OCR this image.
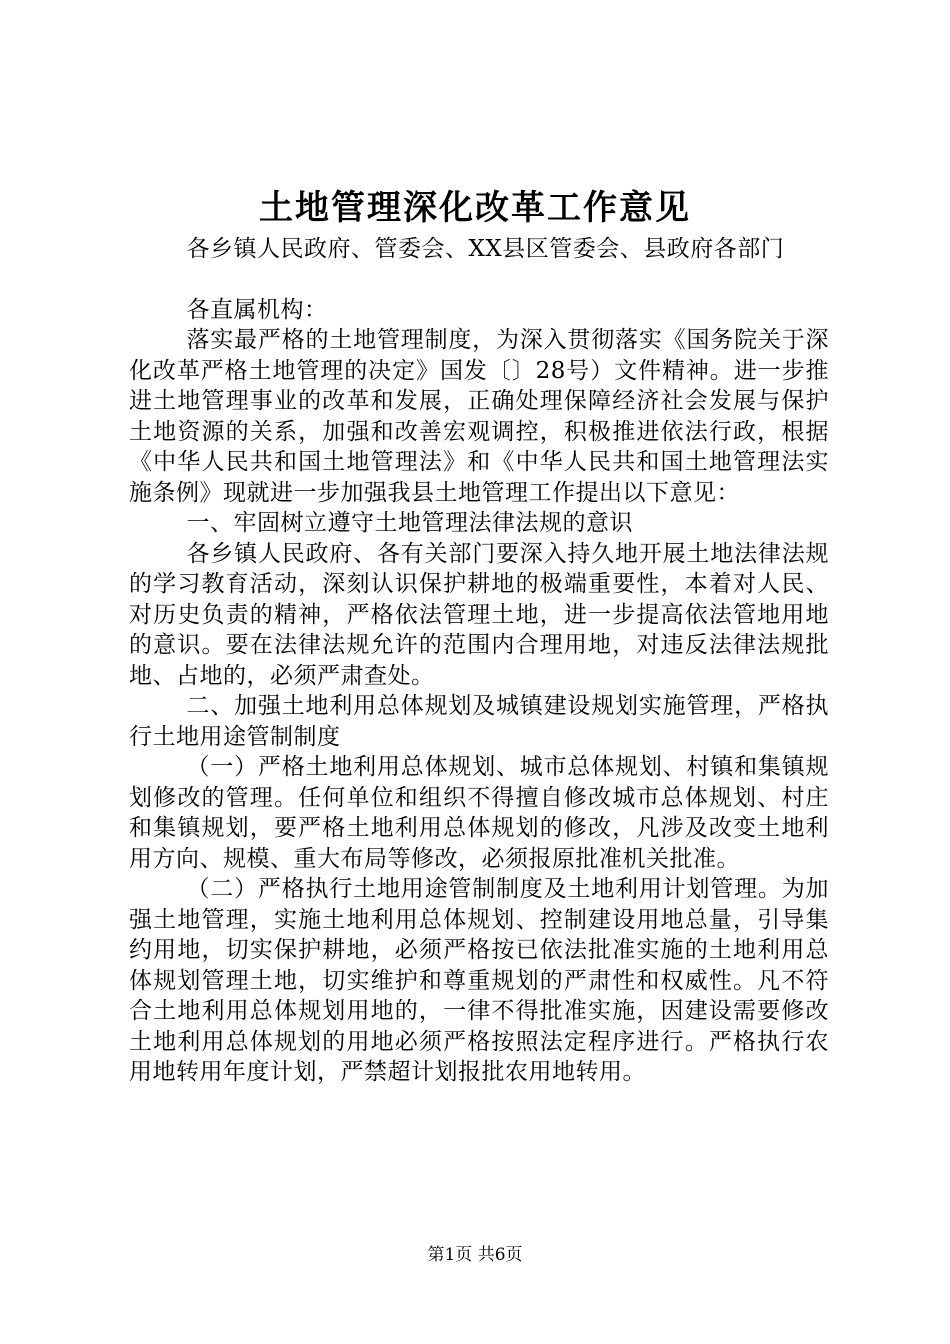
土地管理深化改革工作意见

各乡镇人民政府、管委会、XX县区管委会、县政府各部门

各直属机构：

落实最严格的土地管理制度，为深入贯彻落实《国务院关于深化改革严格土地管理的决定》国发〔〕28号）文件精神。进一步推进土地管理事业的改革和发展，正确处理保障经济社会发展与保护土地资源的关系，加强和改善宏观调控，积极推进依法行政，根据《中华人民共和国土地管理法》和《中华人民共和国土地管理法实施条例》现就进一步加强我县土地管理工作提出以下意见：

一、牢固树立遵守土地管理法律法规的意识

各乡镇人民政府、各有关部门要深入持久地开展土地法律法规的学习教育活动，深刻认识保护耕地的极端重要性，本着对人民、对历史负责的精神，严格依法管理土地，进一步提高依法管地用地的意识。要在法律法规允许的范围内合理用地，对违反法律法规批地、占地的，必须严肃查处。

二、加强土地利用总体规划及城镇建设规划实施管理，严格执行土地用途管制制度

（一）严格土地利用总体规划、城市总体规划、村镇和集镇规划修改的管理。任何单位和组织不得擅自修改城市总体规划、村庄和集镇规划，要严格土地利用总体规划的修改，凡涉及改变土地利用方向、规模、重大布局等修改，必须报原批准机关批准。

（二）严格执行土地用途管制制度及土地利用计划管理。为加强土地管理，实施土地利用总体规划、控制建设用地总量，引导集约用地，切实保护耕地，必须严格按已依法批准实施的土地利用总体规划管理土地，切实维护和尊重规划的严肃性和权威性。凡不符合土地利用总体规划用地的，一律不得批准实施，因建设需要修改土地利用总体规划的用地必须严格按照法定程序进行。严格执行农用地转用年度计划，严禁超计划报批农用地转用。

第1页 共6页
